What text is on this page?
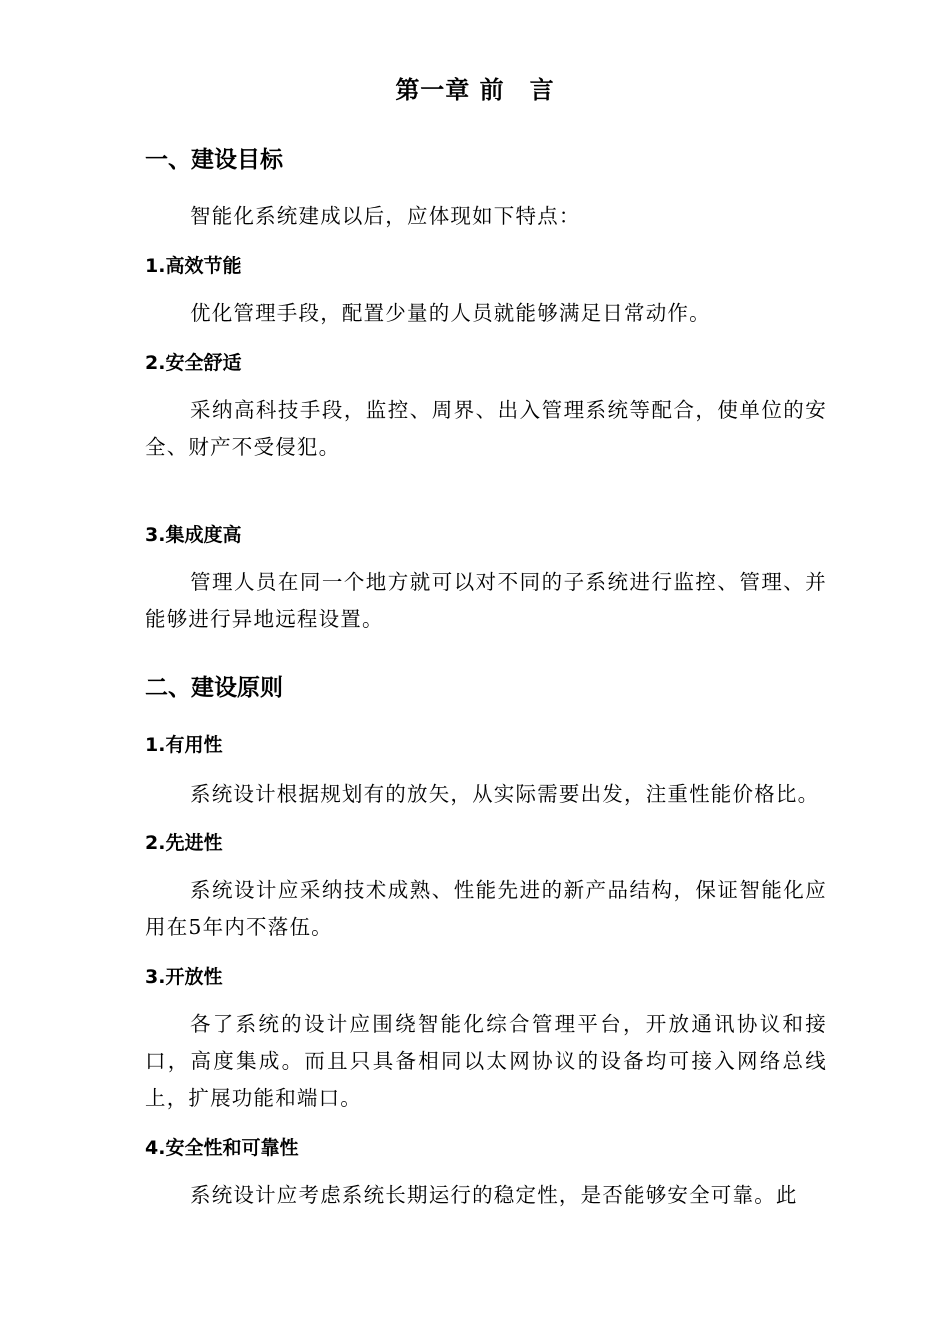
第一章 前　言
一、建设目标

智能化系统建成以后，应体现如下特点：

1.高效节能

优化管理手段，配置少量的人员就能够满足日常动作。

2.安全舒适

采纳高科技手段，监控、周界、出入管理系统等配合，使单位的安全、财产不受侵犯。

3.集成度高

管理人员在同一个地方就可以对不同的子系统进行监控、管理、并能够进行异地远程设置。

二、建设原则
1.有用性

系统设计根据规划有的放矢，从实际需要出发，注重性能价格比。

2.先进性

系统设计应采纳技术成熟、性能先进的新产品结构，保证智能化应用在5年内不落伍。

3.开放性

各了系统的设计应围绕智能化综合管理平台，开放通讯协议和接口，高度集成。而且只具备相同以太网协议的设备均可接入网络总线上，扩展功能和端口。

4.安全性和可靠性

系统设计应考虑系统长期运行的稳定性，是否能够安全可靠。此
